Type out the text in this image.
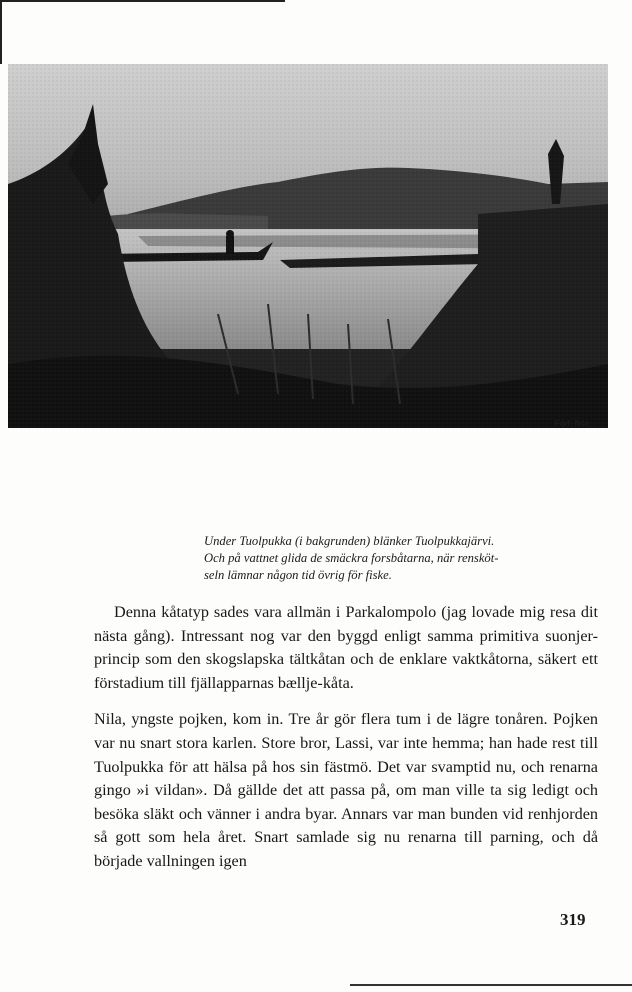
Förf. foto.

Under Tuolpukka (i bakgrunden) blänker Tuolpukkajärvi.

Och på vattnet glida de smäckra forsbåtarna, när rensköt-

seln lämnar någon tid övrig för fiske.

Denna kåtatyp sades vara allmän i Parkalompolo (jag lovade mig resa dit nästa gång). Intressant nog var den byggd enligt samma primitiva suonjer-princip som den skogslapska tältkåtan och de enklare vaktkåtorna, säkert ett förstadium till fjällapparnas bælljе-kåta.

Nila, yngste pojken, kom in. Tre år gör flera tum i de lägre tonåren. Pojken var nu snart stora karlen. Store bror, Lassi, var inte hemma; han hade rest till Tuolpukka för att hälsa på hos sin fästmö. Det var svamptid nu, och renarna gingo »i vildan». Då gällde det att passa på, om man ville ta sig ledigt och besöka släkt och vänner i andra byar. Annars var man bunden vid renhjorden så gott som hela året. Snart samlade sig nu renarna till parning, och då började vallningen igen

319
